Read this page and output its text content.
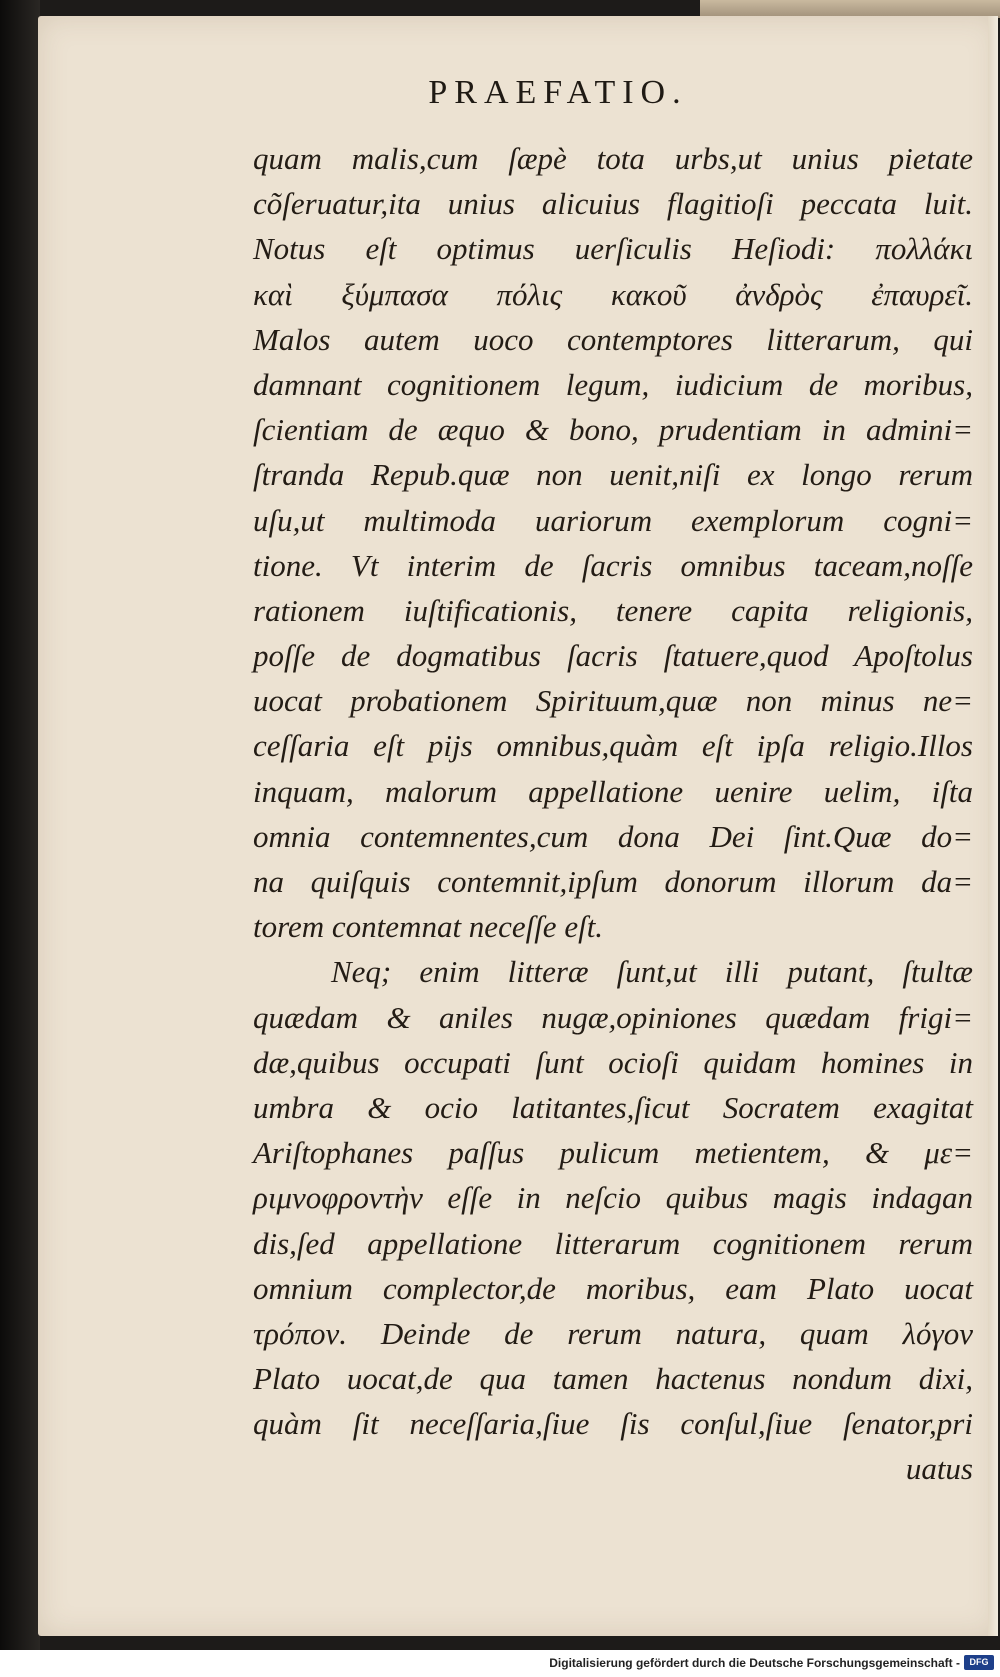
PRAEFATIO.
quam malis,cum ſæpè tota urbs,ut unius pietate
cõſeruatur,ita unius alicuius flagitioſi peccata luit.
Notus eſt optimus uerſiculis Heſiodi: πολλάκι
καὶ ξύμπασα πόλις κακοῦ ἀνδρὸς ἐπαυρεῖ.
Malos autem uoco contemptores litterarum, qui
damnant cognitionem legum, iudicium de moribus,
ſcientiam de æquo & bono, prudentiam in admini=
ſtranda Repub.quæ non uenit,niſi ex longo rerum
uſu,ut multimoda uariorum exemplorum cogni=
tione. Vt interim de ſacris omnibus taceam,noſſe
rationem iuſtificationis, tenere capita religionis,
poſſe de dogmatibus ſacris ſtatuere,quod Apoſtolus
uocat probationem Spirituum,quæ non minus ne=
ceſſaria eſt pijs omnibus,quàm eſt ipſa religio.Illos
inquam, malorum appellatione uenire uelim, iſta
omnia contemnentes,cum dona Dei ſint.Quæ do=
na quiſquis contemnit,ipſum donorum illorum da=
torem contemnat neceſſe eſt.
Neq; enim litteræ ſunt,ut illi putant, ſtultæ
quædam & aniles nugæ,opiniones quædam frigi=
dæ,quibus occupati ſunt ocioſi quidam homines in
umbra & ocio latitantes,ſicut Socratem exagitat
Ariſtophanes paſſus pulicum metientem, & με=
ριμνοφροντὴν eſſe in neſcio quibus magis indagan
dis,ſed appellatione litterarum cognitionem rerum
omnium complector,de moribus, eam Plato uocat
τρόπον. Deinde de rerum natura, quam λόγον
Plato uocat,de qua tamen hactenus nondum dixi,
quàm ſit neceſſaria,ſiue ſis conſul,ſiue ſenator,pri
uatus
Digitalisierung gefördert durch die Deutsche Forschungsgemeinschaft -	DFG
